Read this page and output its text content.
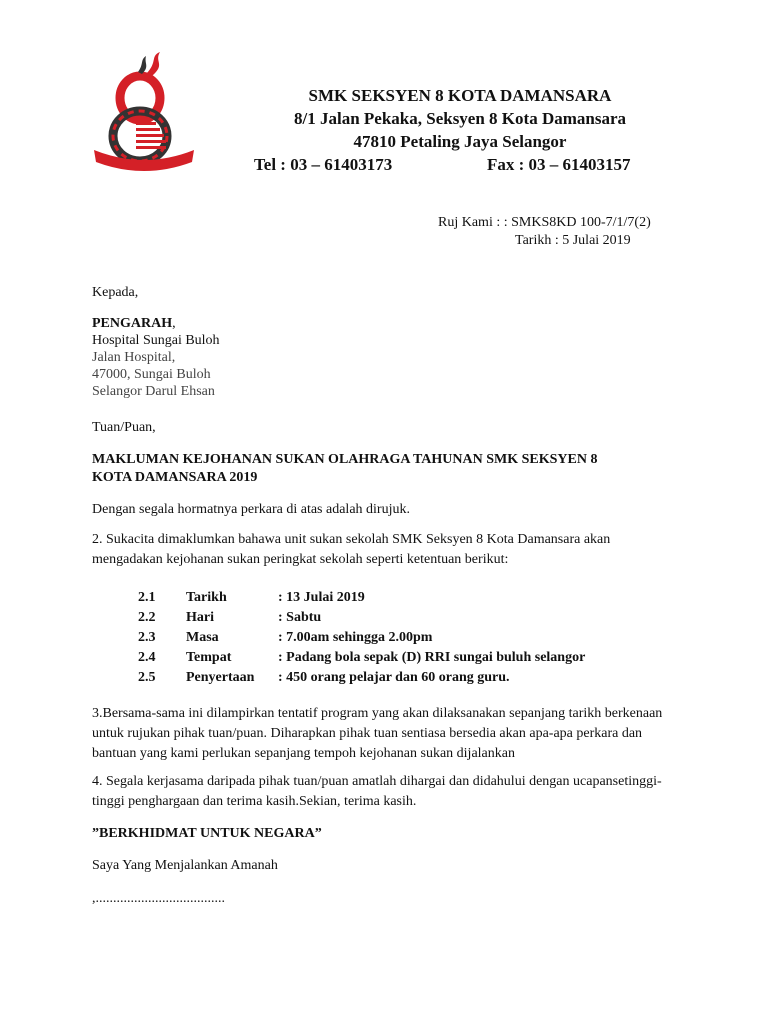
SMK SEKSYEN 8 KOTA DAMANSARA
8/1 Jalan Pekaka, Seksyen 8 Kota Damansara
47810 Petaling Jaya Selangor
Tel : 03 – 61403173	Fax : 03 – 61403157
Ruj Kami : : SMKS8KD 100-7/1/7(2)
Tarikh : 5 Julai 2019
Kepada,
PENGARAH,
Hospital Sungai Buloh
Jalan Hospital,
47000, Sungai Buloh
Selangor Darul Ehsan
Tuan/Puan,
MAKLUMAN KEJOHANAN SUKAN OLAHRAGA TAHUNAN SMK SEKSYEN 8
KOTA DAMANSARA 2019
Dengan segala hormatnya perkara di atas adalah dirujuk.
2. Sukacita dimaklumkan bahawa unit sukan sekolah SMK Seksyen 8 Kota Damansara akan mengadakan kejohanan sukan peringkat sekolah seperti ketentuan berikut:
2.1	Tarikh	: 13 Julai 2019
2.2	Hari	: Sabtu
2.3	Masa	: 7.00am sehingga 2.00pm
2.4	Tempat	: Padang bola sepak (D) RRI sungai buluh selangor
2.5	Penyertaan	: 450 orang pelajar dan 60 orang guru.
3.Bersama-sama ini dilampirkan tentatif program yang akan dilaksanakan sepanjang tarikh berkenaan untuk rujukan pihak tuan/puan. Diharapkan pihak tuan sentiasa bersedia akan apa-apa perkara dan bantuan yang kami perlukan sepanjang tempoh kejohanan sukan dijalankan
4. Segala kerjasama daripada pihak tuan/puan amatlah dihargai dan didahului dengan ucapansetinggi-tinggi penghargaan dan terima kasih.Sekian, terima kasih.
”BERKHIDMAT UNTUK NEGARA”
Saya Yang Menjalankan Amanah
,.....................................
